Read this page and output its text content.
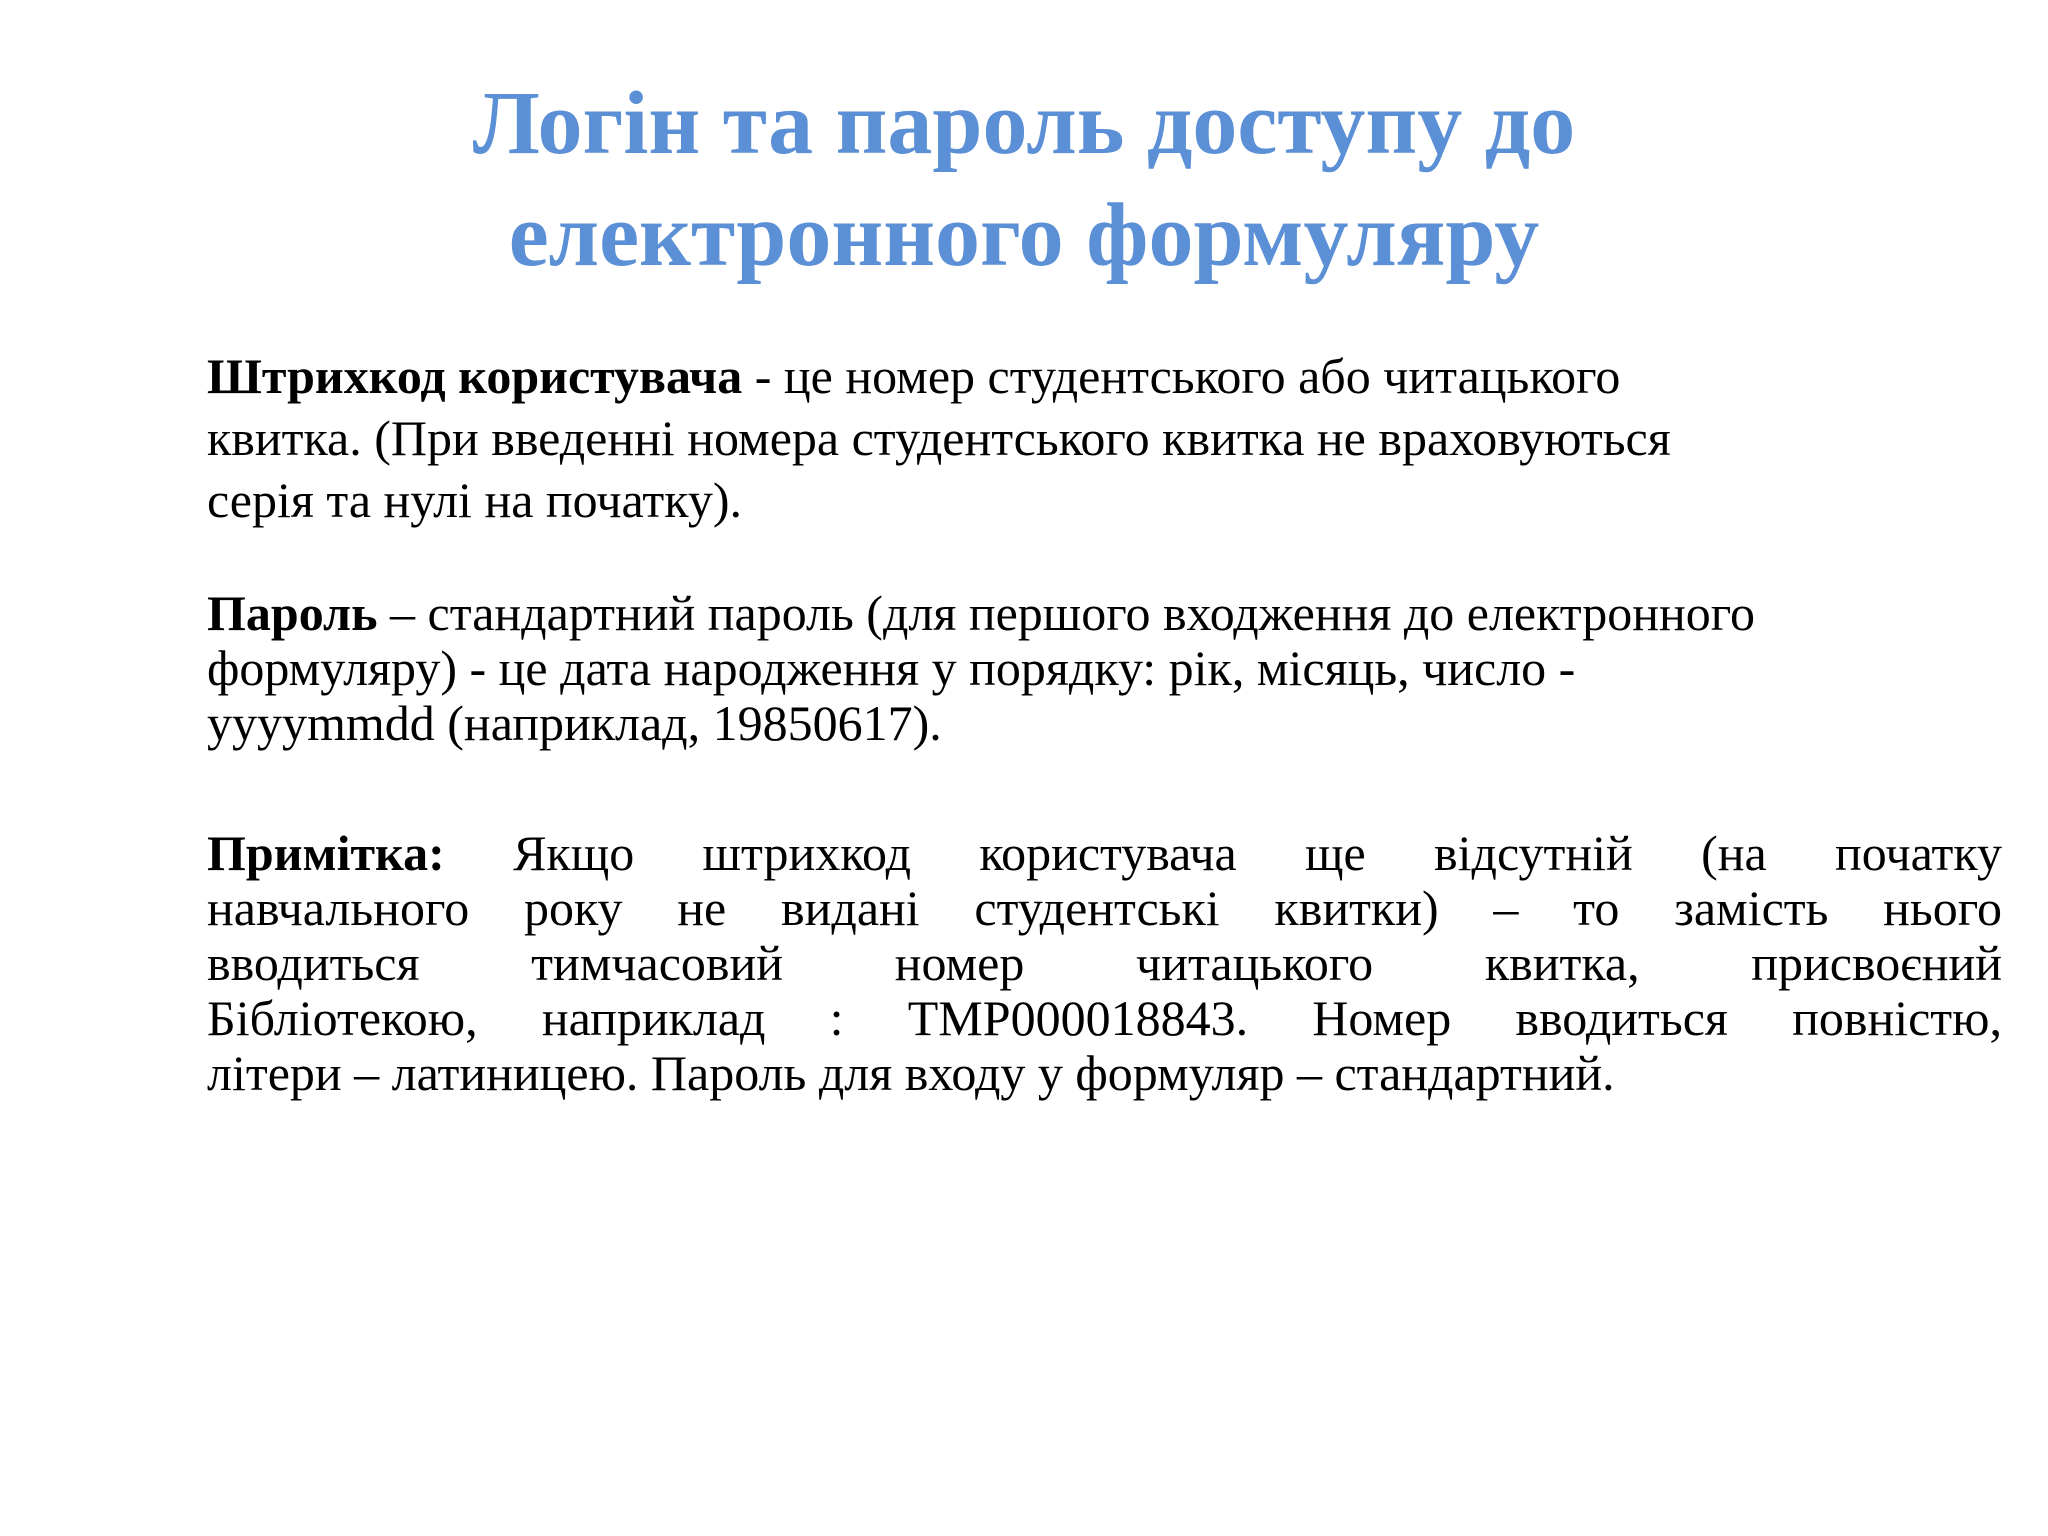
Логін та пароль доступу до
електронного формуляру
Штрихкод користувача - це номер студентського або читацького
квитка. (При введенні номера студентського квитка не враховуються
серія та нулі на початку).
Пароль – стандартний пароль (для першого входження до електронного
формуляру) - це дата народження у порядку: рік, місяць, число -
yyyymmdd (наприклад, 19850617).
Примітка: Якщо штрихкод користувача ще відсутній (на початку
навчального року не видані студентські квитки) – то замість нього
вводиться тимчасовий номер читацького квитка, присвоєний
Бібліотекою, наприклад : TMP000018843. Номер вводиться повністю,
літери – латиницею. Пароль для входу у формуляр – стандартний.
